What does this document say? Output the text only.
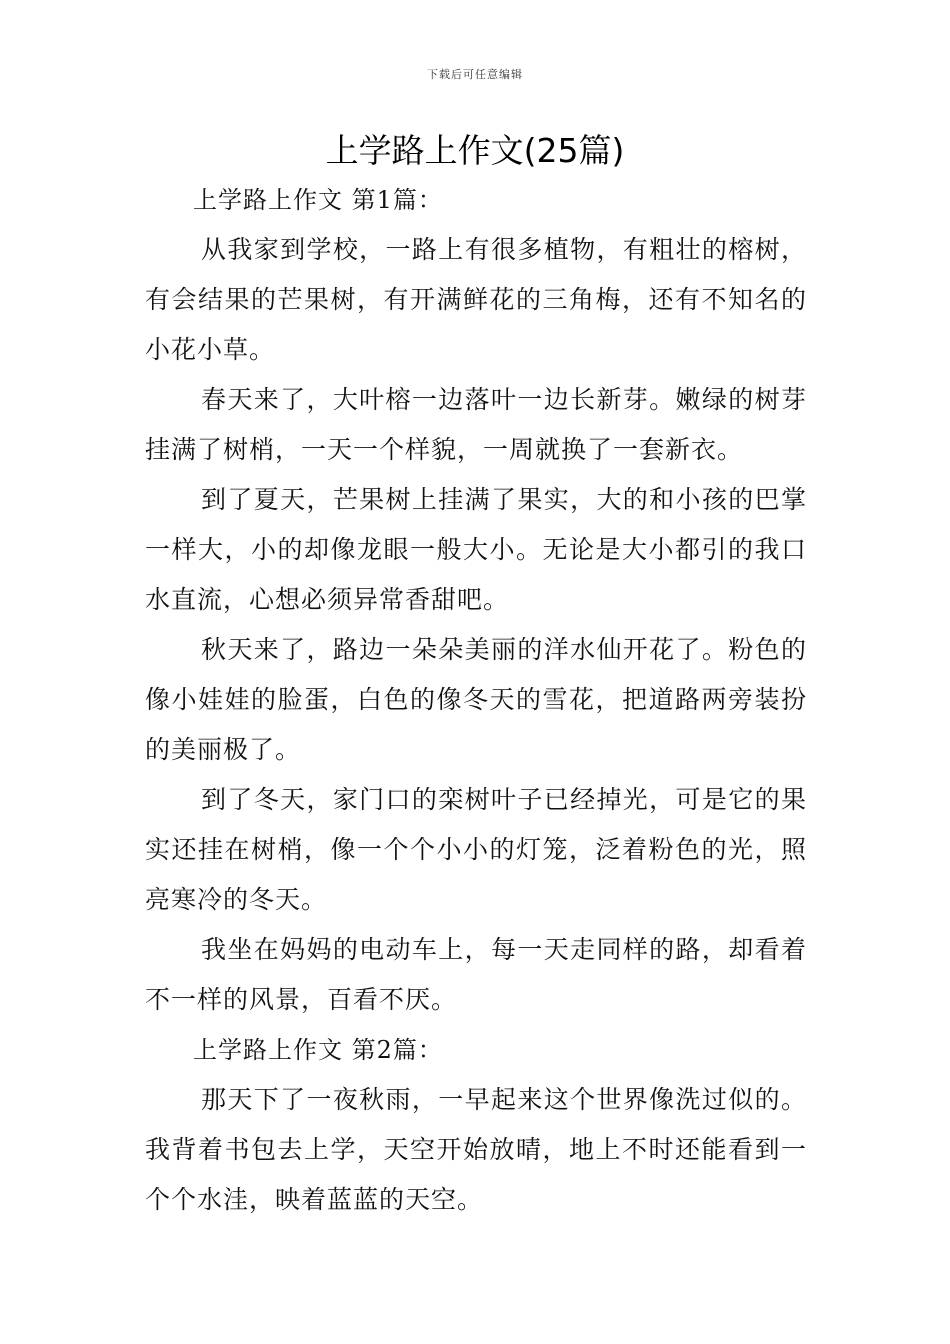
下载后可任意编辑
上学路上作文(25篇)
上学路上作文 第1篇：

从我家到学校，一路上有很多植物，有粗壮的榕树，有会结果的芒果树，有开满鲜花的三角梅，还有不知名的小花小草。

春天来了，大叶榕一边落叶一边长新芽。嫩绿的树芽挂满了树梢，一天一个样貌，一周就换了一套新衣。

到了夏天，芒果树上挂满了果实，大的和小孩的巴掌一样大，小的却像龙眼一般大小。无论是大小都引的我口水直流，心想必须异常香甜吧。

秋天来了，路边一朵朵美丽的洋水仙开花了。粉色的像小娃娃的脸蛋，白色的像冬天的雪花，把道路两旁装扮的美丽极了。

到了冬天，家门口的栾树叶子已经掉光，可是它的果实还挂在树梢，像一个个小小的灯笼，泛着粉色的光，照亮寒冷的冬天。

我坐在妈妈的电动车上，每一天走同样的路，却看着不一样的风景，百看不厌。

上学路上作文 第2篇：

那天下了一夜秋雨，一早起来这个世界像洗过似的。我背着书包去上学，天空开始放晴，地上不时还能看到一个个水洼，映着蓝蓝的天空。
